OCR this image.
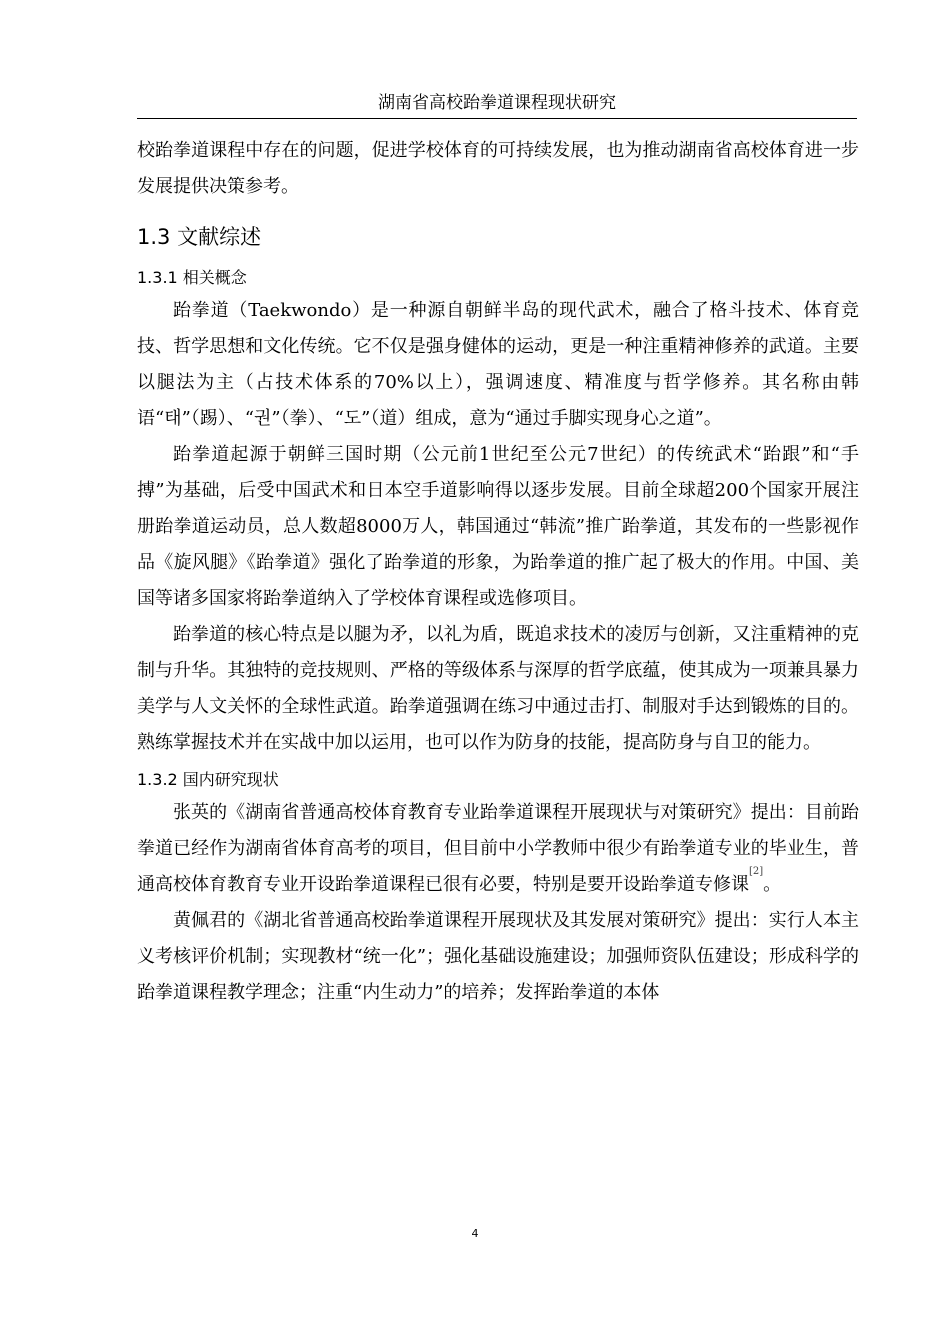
湖南省高校跆拳道课程现状研究

校跆拳道课程中存在的问题，促进学校体育的可持续发展，也为推动湖南省高校体育进一步发展提供决策参考。

1.3 文献综述
1.3.1 相关概念

跆拳道（Taekwondo）是一种源自朝鲜半岛的现代武术，融合了格斗技术、体育竞技、哲学思想和文化传统。它不仅是强身健体的运动，更是一种注重精神修养的武道。主要以腿法为主（占技术体系的70%以上），强调速度、精准度与哲学修养。其名称由韩语“태”（踢）、“권”（拳）、“도”（道）组成，意为“通过手脚实现身心之道”。

跆拳道起源于朝鲜三国时期（公元前1世纪至公元7世纪）的传统武术“跆跟”和“手搏”为基础，后受中国武术和日本空手道影响得以逐步发展。目前全球超200个国家开展注册跆拳道运动员，总人数超8000万人，韩国通过“韩流”推广跆拳道，其发布的一些影视作品《旋风腿》《跆拳道》强化了跆拳道的形象，为跆拳道的推广起了极大的作用。中国、美国等诸多国家将跆拳道纳入了学校体育课程或选修项目。

跆拳道的核心特点是以腿为矛，以礼为盾，既追求技术的凌厉与创新，又注重精神的克制与升华。其独特的竞技规则、严格的等级体系与深厚的哲学底蕴，使其成为一项兼具暴力美学与人文关怀的全球性武道。跆拳道强调在练习中通过击打、制服对手达到锻炼的目的。熟练掌握技术并在实战中加以运用，也可以作为防身的技能，提高防身与自卫的能力。

1.3.2 国内研究现状

张英的《湖南省普通高校体育教育专业跆拳道课程开展现状与对策研究》提出：目前跆拳道已经作为湖南省体育高考的项目，但目前中小学教师中很少有跆拳道专业的毕业生，普通高校体育教育专业开设跆拳道课程已很有必要，特别是要开设跆拳道专修课[2]。

黄佩君的《湖北省普通高校跆拳道课程开展现状及其发展对策研究》提出：实行人本主义考核评价机制；实现教材“统一化”；强化基础设施建设；加强师资队伍建设；形成科学的跆拳道课程教学理念；注重“内生动力”的培养；发挥跆拳道的本体

4
